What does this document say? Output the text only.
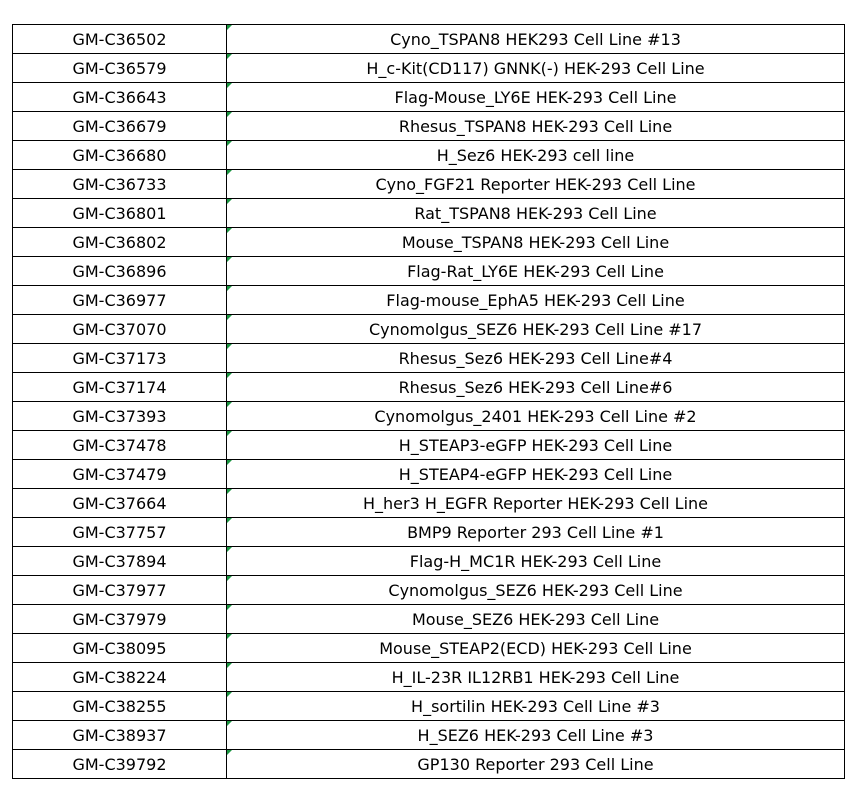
GM-C36502	Cyno_TSPAN8 HEK293 Cell Line #13

GM-C36579	H_c-Kit(CD117) GNNK(-) HEK-293 Cell Line

GM-C36643	Flag-Mouse_LY6E HEK-293 Cell Line

GM-C36679	Rhesus_TSPAN8 HEK-293 Cell Line

GM-C36680	H_Sez6 HEK-293 cell line

GM-C36733	Cyno_FGF21 Reporter HEK-293 Cell Line

GM-C36801	Rat_TSPAN8 HEK-293 Cell Line

GM-C36802	Mouse_TSPAN8 HEK-293 Cell Line

GM-C36896	Flag-Rat_LY6E HEK-293 Cell Line

GM-C36977	Flag-mouse_EphA5 HEK-293 Cell Line

GM-C37070	Cynomolgus_SEZ6 HEK-293 Cell Line #17

GM-C37173	Rhesus_Sez6 HEK-293 Cell Line#4

GM-C37174	Rhesus_Sez6 HEK-293 Cell Line#6

GM-C37393	Cynomolgus_2401 HEK-293 Cell Line #2

GM-C37478	H_STEAP3-eGFP HEK-293 Cell Line

GM-C37479	H_STEAP4-eGFP HEK-293 Cell Line

GM-C37664	H_her3 H_EGFR Reporter HEK-293 Cell Line

GM-C37757	BMP9 Reporter 293 Cell Line #1

GM-C37894	Flag-H_MC1R HEK-293 Cell Line

GM-C37977	Cynomolgus_SEZ6 HEK-293 Cell Line

GM-C37979	Mouse_SEZ6 HEK-293 Cell Line

GM-C38095	Mouse_STEAP2(ECD) HEK-293 Cell Line

GM-C38224	H_IL-23R IL12RB1 HEK-293 Cell Line

GM-C38255	H_sortilin HEK-293 Cell Line #3

GM-C38937	H_SEZ6 HEK-293 Cell Line #3

GM-C39792	GP130 Reporter 293 Cell Line
